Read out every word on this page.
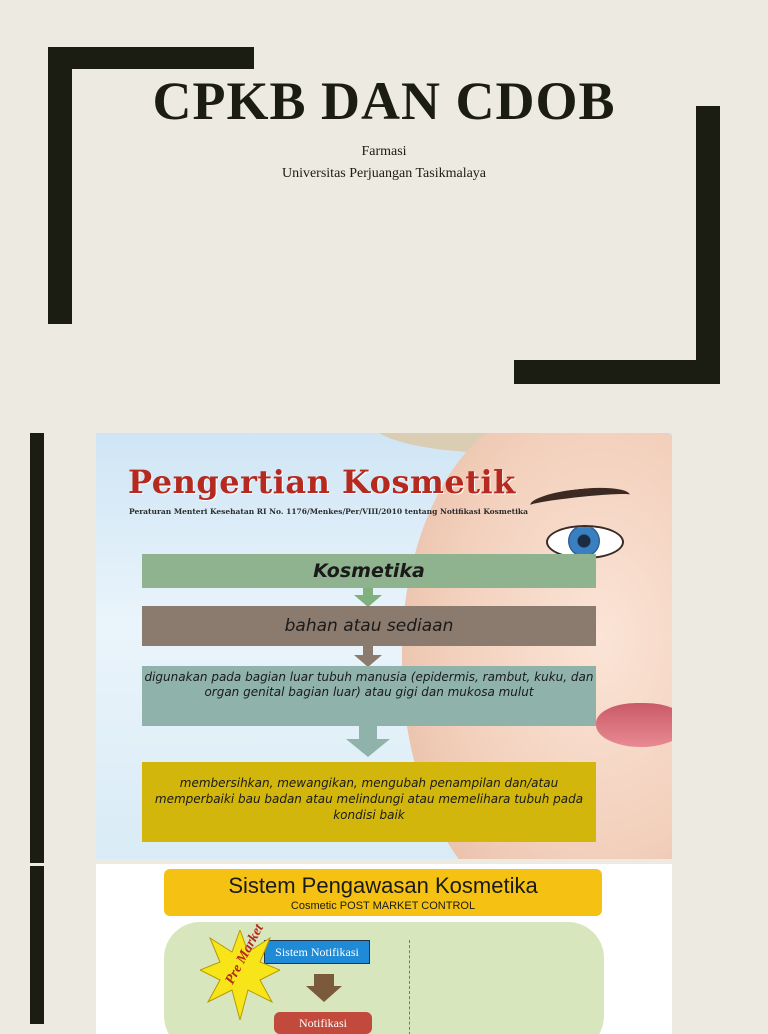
CPKB DAN CDOB
Farmasi
Universitas Perjuangan Tasikmalaya
Pengertian Kosmetik
Peraturan Menteri Kesehatan RI No. 1176/Menkes/Per/VIII/2010 tentang Notifikasi Kosmetika
Kosmetika
bahan atau sediaan
digunakan pada bagian luar tubuh manusia (epidermis, rambut, kuku, dan organ genital bagian luar) atau gigi dan mukosa mulut
membersihkan, mewangikan, mengubah penampilan dan/atau memperbaiki bau badan atau melindungi atau memelihara tubuh pada kondisi baik
Sistem Pengawasan Kosmetika
Cosmetic POST MARKET CONTROL
Sistem Notifikasi
Notifikasi
Pre Market
